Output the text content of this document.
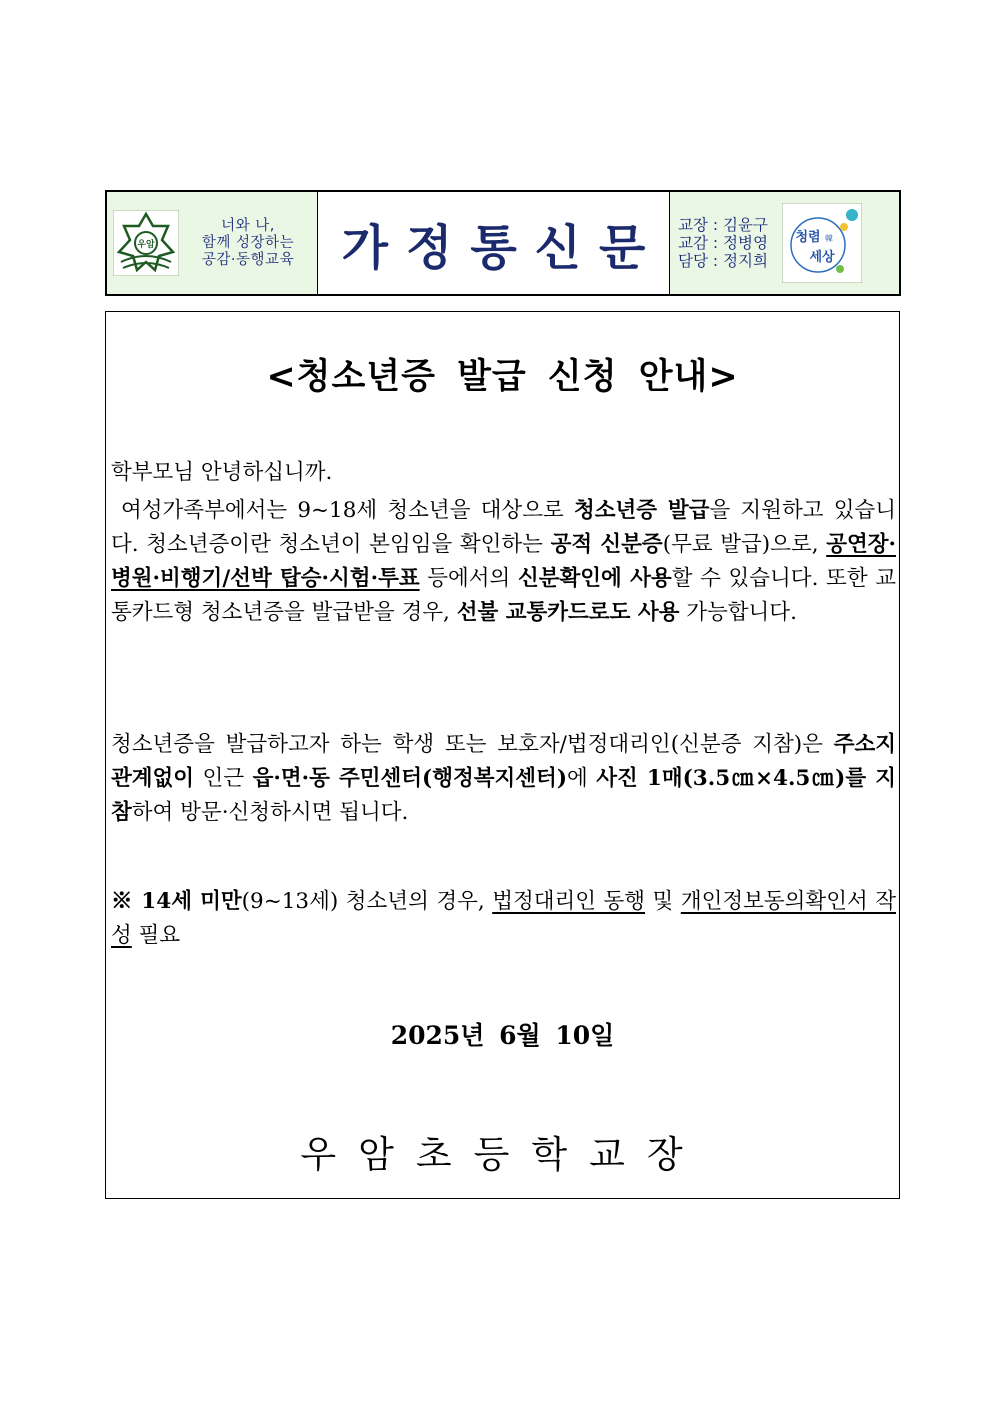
우암
너와 나,
함께 성장하는
공감·동행교육 가정통신문 교장 : 김윤구
교감 : 정병영
담당 : 정지희
청렴 韓
세상
<청소년증 발급 신청 안내>

학부모님 안녕하십니까.

여성가족부에서는 9~18세 청소년을 대상으로 청소년증 발급을 지원하고 있습니다. 청소년증이란 청소년이 본임임을 확인하는 공적 신분증(무료 발급)으로, 공연장·병원·비행기/선박 탑승·시험·투표 등에서의 신분확인에 사용할 수 있습니다. 또한 교통카드형 청소년증을 발급받을 경우, 선불 교통카드로도 사용 가능합니다.

청소년증을 발급하고자 하는 학생 또는 보호자/법정대리인(신분증 지참)은 주소지 관계없이 인근 읍·면·동 주민센터(행정복지센터)에 사진 1매(3.5㎝×4.5㎝)를 지참하여 방문·신청하시면 됩니다.

※ 14세 미만(9~13세) 청소년의 경우, 법정대리인 동행 및 개인정보동의확인서 작성 필요

2025년 6월 10일
우암초등학교장
